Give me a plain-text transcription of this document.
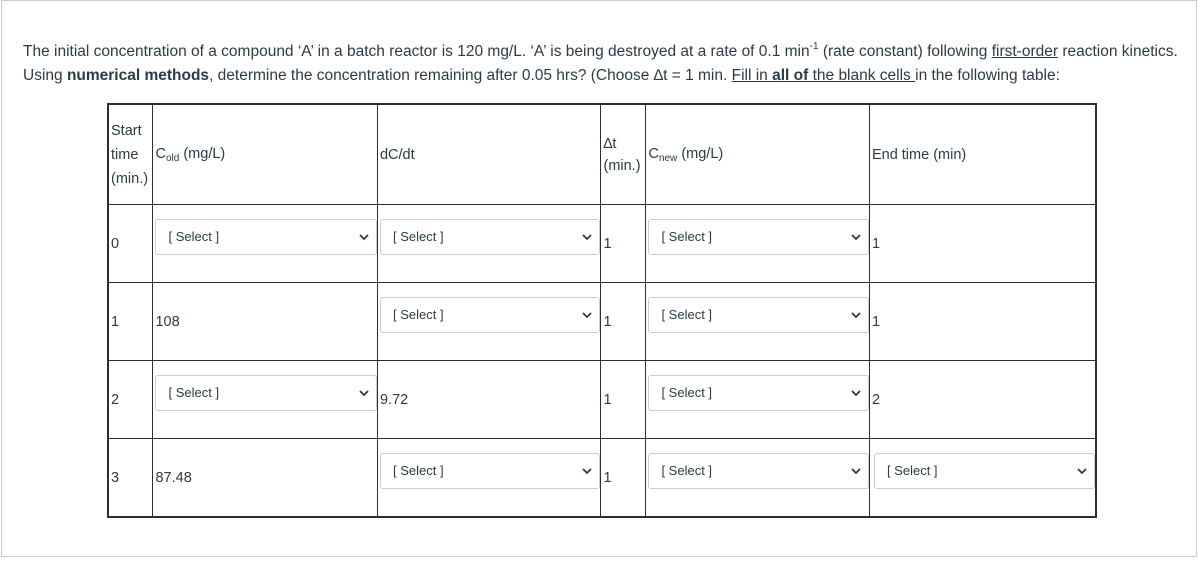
The initial concentration of a compound ‘A’ in a batch reactor is 120 mg/L. ‘A’ is being destroyed at a rate of 0.1 $\min^{-1}$ (rate constant) following first-order reaction kinetics. Using numerical methods, determine the concentration remaining after 0.05 hrs? (Choose ∆t = 1 min. Fill in all of the blank cells in the following table:
Start time (min.)	$C_{old}$ (mg/L)	dC/dt	∆t (min.)	$C_{new}$ (mg/L)	End time (min)
0	[ Select ]	[ Select ]	1	[ Select ]	1
1	108	[ Select ]	1	[ Select ]	1
2	[ Select ]	9.72	1	[ Select ]	2
3	87.48	[ Select ]	1	[ Select ]	[ Select ]
